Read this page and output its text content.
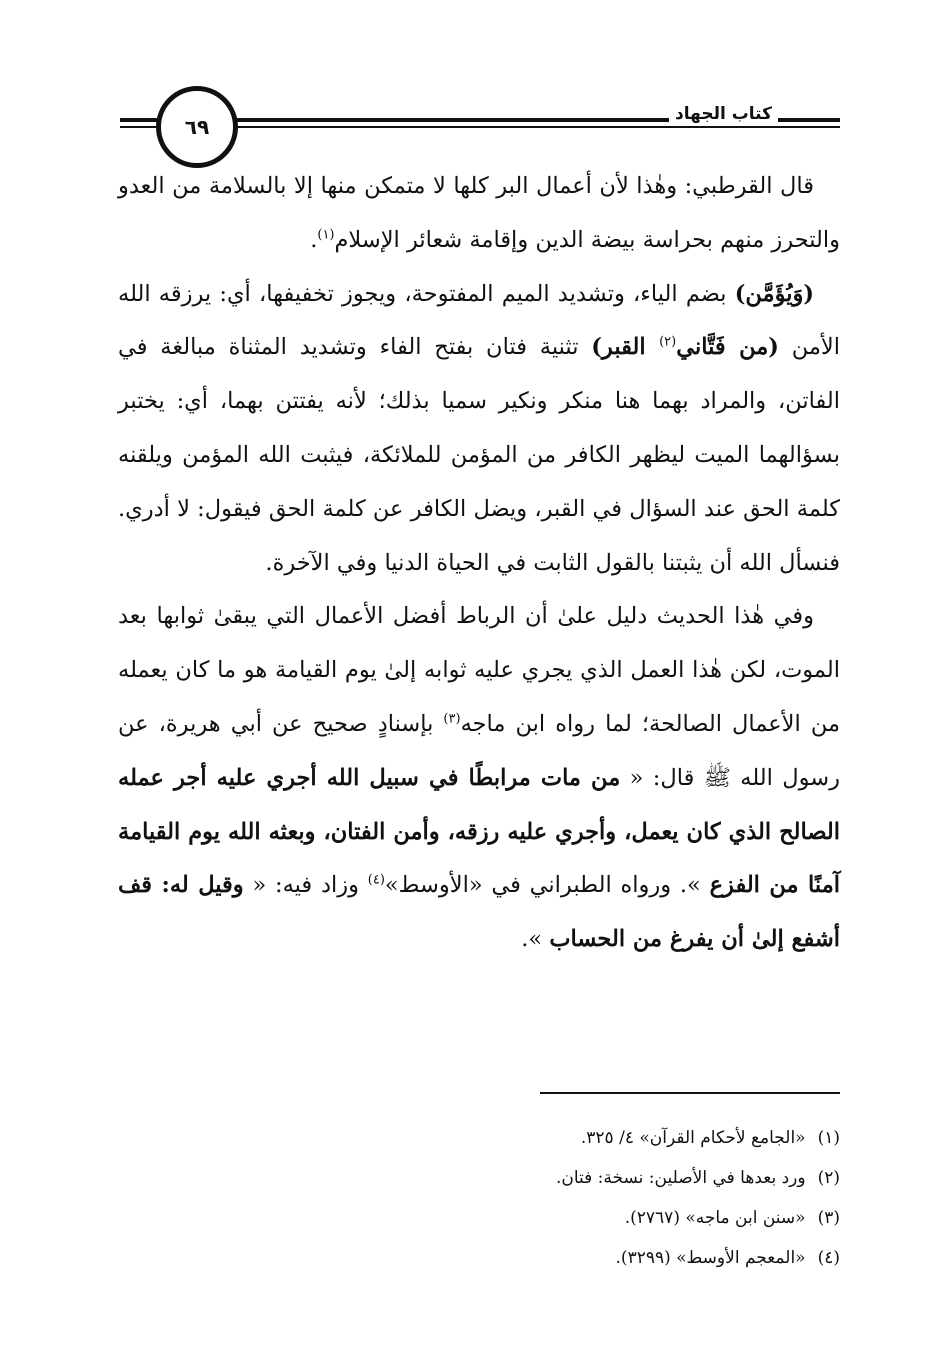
٦٩
كتاب الجهاد

قال القرطبي: وهٰذا لأن أعمال البر كلها لا متمكن منها إلا بالسلامة من العدو والتحرز منهم بحراسة بيضة الدين وإقامة شعائر الإسلام$^{(١)}$.

(وَيُؤَمَّن) بضم الياء، وتشديد الميم المفتوحة، ويجوز تخفيفها، أي: يرزقه الله الأمن (من فَتَّاني$^{(٢)}$ القبر) تثنية فتان بفتح الفاء وتشديد المثناة مبالغة في الفاتن، والمراد بهما هنا منكر ونكير سميا بذلك؛ لأنه يفتتن بهما، أي: يختبر بسؤالهما الميت ليظهر الكافر من المؤمن للملائكة، فيثبت الله المؤمن ويلقنه كلمة الحق عند السؤال في القبر، ويضل الكافر عن كلمة الحق فيقول: لا أدري. فنسأل الله أن يثبتنا بالقول الثابت في الحياة الدنيا وفي الآخرة.

وفي هٰذا الحديث دليل علىٰ أن الرباط أفضل الأعمال التي يبقىٰ ثوابها بعد الموت، لكن هٰذا العمل الذي يجري عليه ثوابه إلىٰ يوم القيامة هو ما كان يعمله من الأعمال الصالحة؛ لما رواه ابن ماجه$^{(٣)}$ بإسنادٍ صحيح عن أبي هريرة، عن رسول الله ﷺ قال: « من مات مرابطًا في سبيل الله أجري عليه أجر عمله الصالح الذي كان يعمل، وأجري عليه رزقه، وأمن الفتان، وبعثه الله يوم القيامة آمنًا من الفزع ». ورواه الطبراني في «الأوسط»$^{(٤)}$ وزاد فيه: « وقيل له: قف أشفع إلىٰ أن يفرغ من الحساب ».

(١)
«الجامع لأحكام القرآن» ٤/ ٣٢٥.
(٢)
ورد بعدها في الأصلين: نسخة: فتان.
(٣)
«سنن ابن ماجه» (٢٧٦٧).
(٤)
«المعجم الأوسط» (٣٢٩٩).
